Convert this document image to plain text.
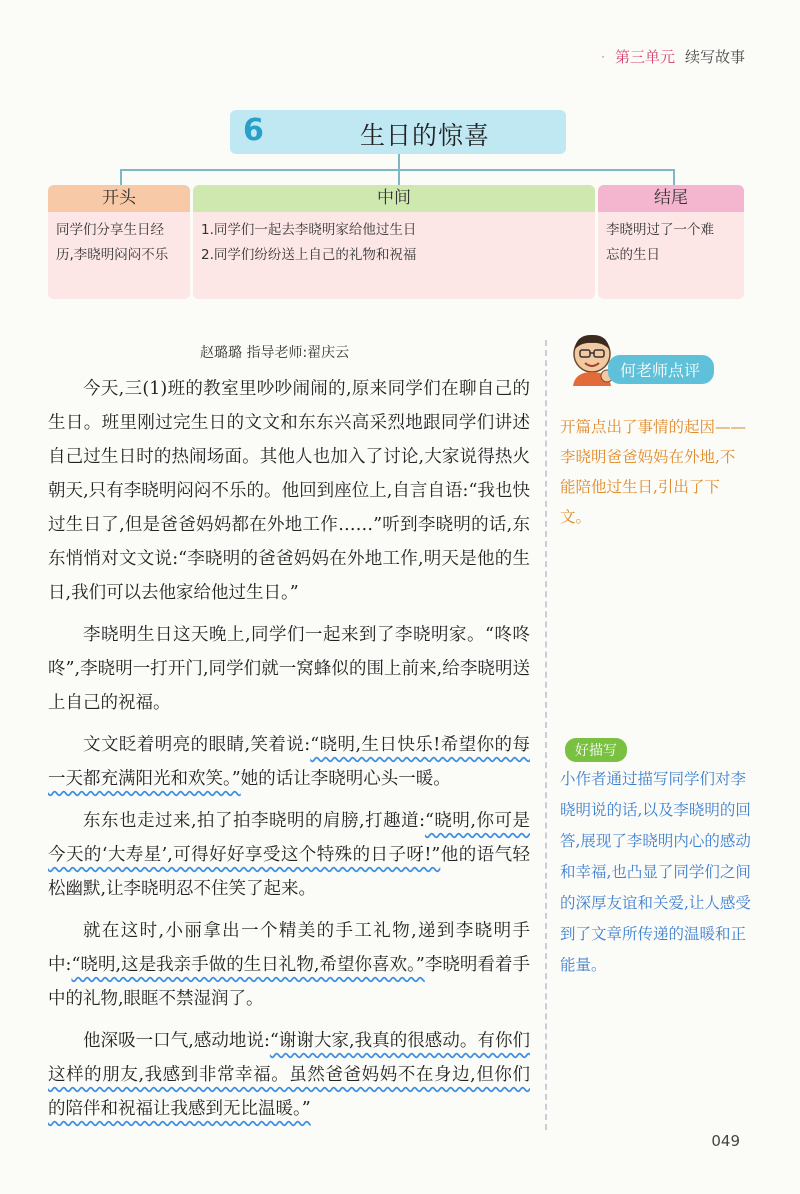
· 第三单元 续写故事
6	生日的惊喜
开头
同学们分享生日经
历,李晓明闷闷不乐
中间
1.同学们一起去李晓明家给他过生日
2.同学们纷纷送上自己的礼物和祝福
结尾
李晓明过了一个难
忘的生日
赵璐璐 指导老师:翟庆云

今天,三(1)班的教室里吵吵闹闹的,原来同学们在聊自己的生日。班里刚过完生日的文文和东东兴高采烈地跟同学们讲述自己过生日时的热闹场面。其他人也加入了讨论,大家说得热火朝天,只有李晓明闷闷不乐的。他回到座位上,自言自语:“我也快过生日了,但是爸爸妈妈都在外地工作……”听到李晓明的话,东东悄悄对文文说:“李晓明的爸爸妈妈在外地工作,明天是他的生日,我们可以去他家给他过生日。”

李晓明生日这天晚上,同学们一起来到了李晓明家。“咚咚咚”,李晓明一打开门,同学们就一窝蜂似的围上前来,给李晓明送上自己的祝福。

文文眨着明亮的眼睛,笑着说:“晓明,生日快乐!希望你的每一天都充满阳光和欢笑。”她的话让李晓明心头一暖。

东东也走过来,拍了拍李晓明的肩膀,打趣道:“晓明,你可是今天的‘大寿星’,可得好好享受这个特殊的日子呀!”他的语气轻松幽默,让李晓明忍不住笑了起来。

就在这时,小丽拿出一个精美的手工礼物,递到李晓明手中:“晓明,这是我亲手做的生日礼物,希望你喜欢。”李晓明看着手中的礼物,眼眶不禁湿润了。

他深吸一口气,感动地说:“谢谢大家,我真的很感动。有你们这样的朋友,我感到非常幸福。虽然爸爸妈妈不在身边,但你们的陪伴和祝福让我感到无比温暖。”

何老师点评
开篇点出了事情的起因——李晓明爸爸妈妈在外地,不能陪他过生日,引出了下文。
好描写
小作者通过描写同学们对李晓明说的话,以及李晓明的回答,展现了李晓明内心的感动和幸福,也凸显了同学们之间的深厚友谊和关爱,让人感受到了文章所传递的温暖和正能量。
049
